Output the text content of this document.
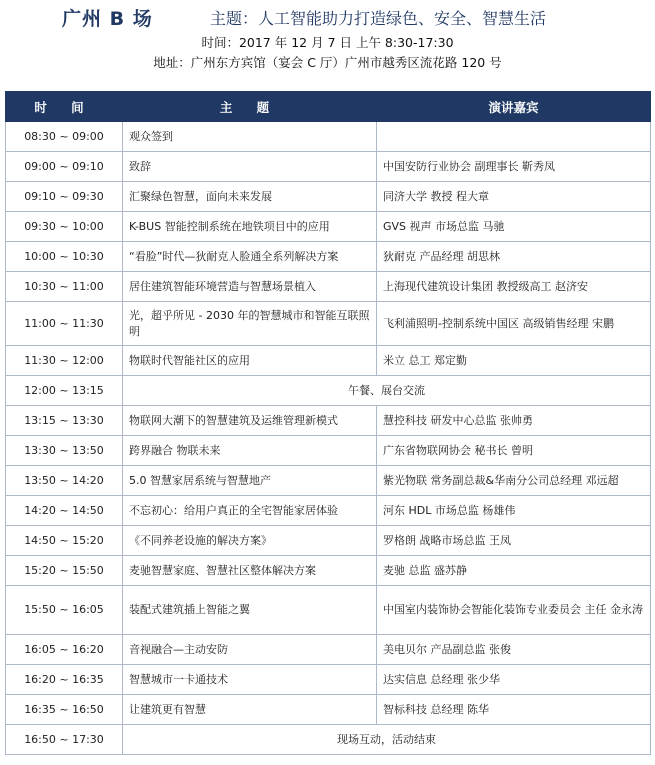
广州 B 场	主题：人工智能助力打造绿色、安全、智慧生活
时间：2017 年 12 月 7 日 上午 8:30-17:30
地址：广州东方宾馆（宴会 C 厅）广州市越秀区流花路 120 号
时 间	主 题	演讲嘉宾
08:30 ~ 09:00	观众签到	
09:00 ~ 09:10	致辞	中国安防行业协会 副理事长 靳秀凤
09:10 ~ 09:30	汇聚绿色智慧，面向未来发展	同济大学 教授 程大章
09:30 ~ 10:00	K-BUS 智能控制系统在地铁项目中的应用	GVS 视声 市场总监 马驰
10:00 ~ 10:30	“看脸”时代—狄耐克人脸通全系列解决方案	狄耐克 产品经理 胡思林
10:30 ~ 11:00	居住建筑智能环境营造与智慧场景植入	上海现代建筑设计集团 教授级高工 赵济安
11:00 ~ 11:30	光，超乎所见 - 2030 年的智慧城市和智能互联照明	飞利浦照明-控制系统中国区 高级销售经理 宋鹏
11:30 ~ 12:00	物联时代智能社区的应用	米立 总工 郑定勤
12:00 ~ 13:15	午餐、展台交流	
13:15 ~ 13:30	物联网大潮下的智慧建筑及运维管理新模式	慧控科技 研发中心总监 张帅勇
13:30 ~ 13:50	跨界融合 物联未来	广东省物联网协会 秘书长 曾明
13:50 ~ 14:20	5.0 智慧家居系统与智慧地产	紫光物联 常务副总裁&华南分公司总经理 邓远超
14:20 ~ 14:50	不忘初心：给用户真正的全宅智能家居体验	河东 HDL 市场总监 杨雄伟
14:50 ~ 15:20	《不同养老设施的解决方案》	罗格朗 战略市场总监 王凤
15:20 ~ 15:50	麦驰智慧家庭、智慧社区整体解决方案	麦驰 总监 盛苏静
15:50 ~ 16:05	装配式建筑插上智能之翼	中国室内装饰协会智能化装饰专业委员会 主任 金永涛
16:05 ~ 16:20	音视融合—主动安防	美电贝尔 产品副总监 张俊
16:20 ~ 16:35	智慧城市一卡通技术	达实信息 总经理 张少华
16:35 ~ 16:50	让建筑更有智慧	智标科技 总经理 陈华
16:50 ~ 17:30	现场互动，活动结束	
